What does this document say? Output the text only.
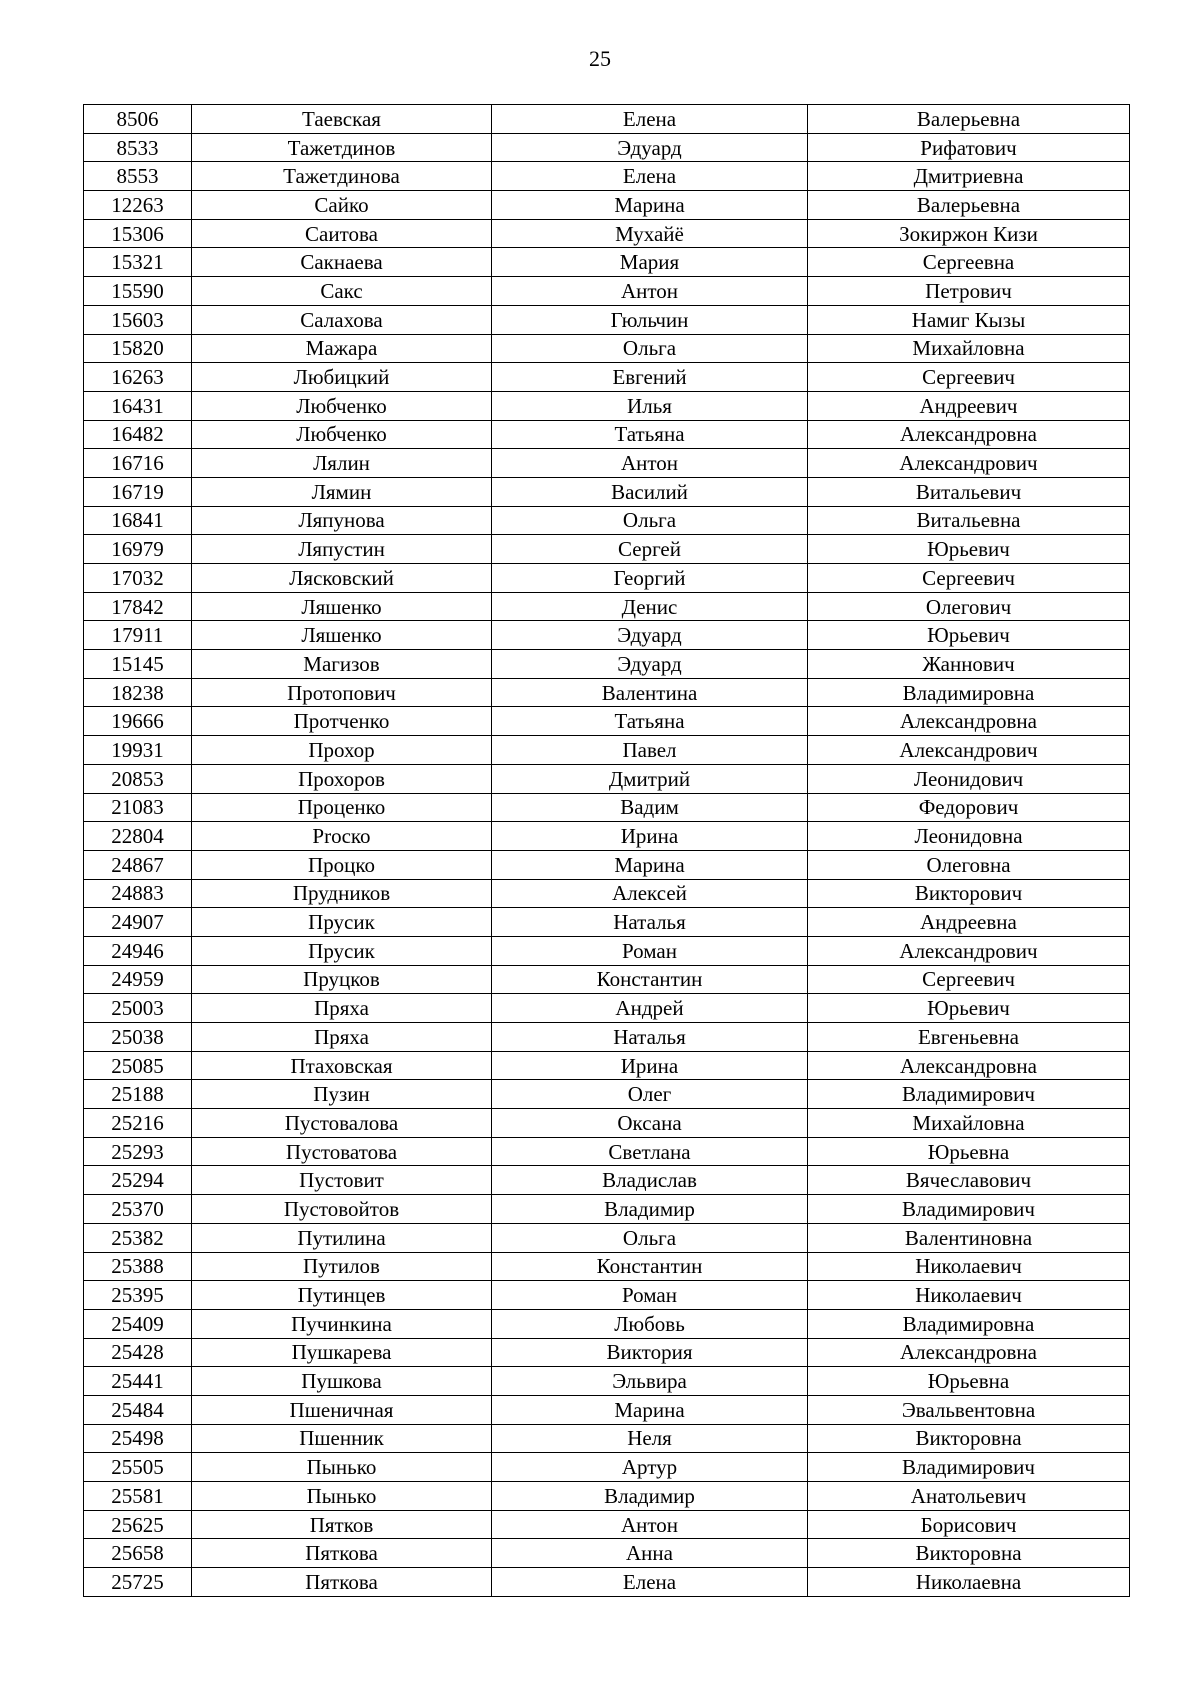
25
8506	Таевская	Елена	Валерьевна
8533	Тажетдинов	Эдуард	Рифатович
8553	Тажетдинова	Елена	Дмитриевна
12263	Сайко	Марина	Валерьевна
15306	Саитова	Мухайё	Зокиржон Кизи
15321	Сакнаева	Мария	Сергеевна
15590	Сакс	Антон	Петрович
15603	Салахова	Гюльчин	Намиг Кызы
15820	Мажара	Ольга	Михайловна
16263	Любицкий	Евгений	Сергеевич
16431	Любченко	Илья	Андреевич
16482	Любченко	Татьяна	Александровна
16716	Лялин	Антон	Александрович
16719	Лямин	Василий	Витальевич
16841	Ляпунова	Ольга	Витальевна
16979	Ляпустин	Сергей	Юрьевич
17032	Лясковский	Георгий	Сергеевич
17842	Ляшенко	Денис	Олегович
17911	Ляшенко	Эдуард	Юрьевич
15145	Магизов	Эдуард	Жаннович
18238	Протопович	Валентина	Владимировна
19666	Протченко	Татьяна	Александровна
19931	Прохор	Павел	Александрович
20853	Прохоров	Дмитрий	Леонидович
21083	Проценко	Вадим	Федорович
22804	Procко	Ирина	Леонидовна
24867	Процко	Марина	Олеговна
24883	Прудников	Алексей	Викторович
24907	Прусик	Наталья	Андреевна
24946	Прусик	Роман	Александрович
24959	Пруцков	Константин	Сергеевич
25003	Пряха	Андрей	Юрьевич
25038	Пряха	Наталья	Евгеньевна
25085	Птаховская	Ирина	Александровна
25188	Пузин	Олег	Владимирович
25216	Пустовалова	Оксана	Михайловна
25293	Пустоватова	Светлана	Юрьевна
25294	Пустовит	Владислав	Вячеславович
25370	Пустовойтов	Владимир	Владимирович
25382	Путилина	Ольга	Валентиновна
25388	Путилов	Константин	Николаевич
25395	Путинцев	Роман	Николаевич
25409	Пучинкина	Любовь	Владимировна
25428	Пушкарева	Виктория	Александровна
25441	Пушкова	Эльвира	Юрьевна
25484	Пшеничная	Марина	Эвальвентовна
25498	Пшенник	Неля	Викторовна
25505	Пынько	Артур	Владимирович
25581	Пынько	Владимир	Анатольевич
25625	Пятков	Антон	Борисович
25658	Пяткова	Анна	Викторовна
25725	Пяткова	Елена	Николаевна
